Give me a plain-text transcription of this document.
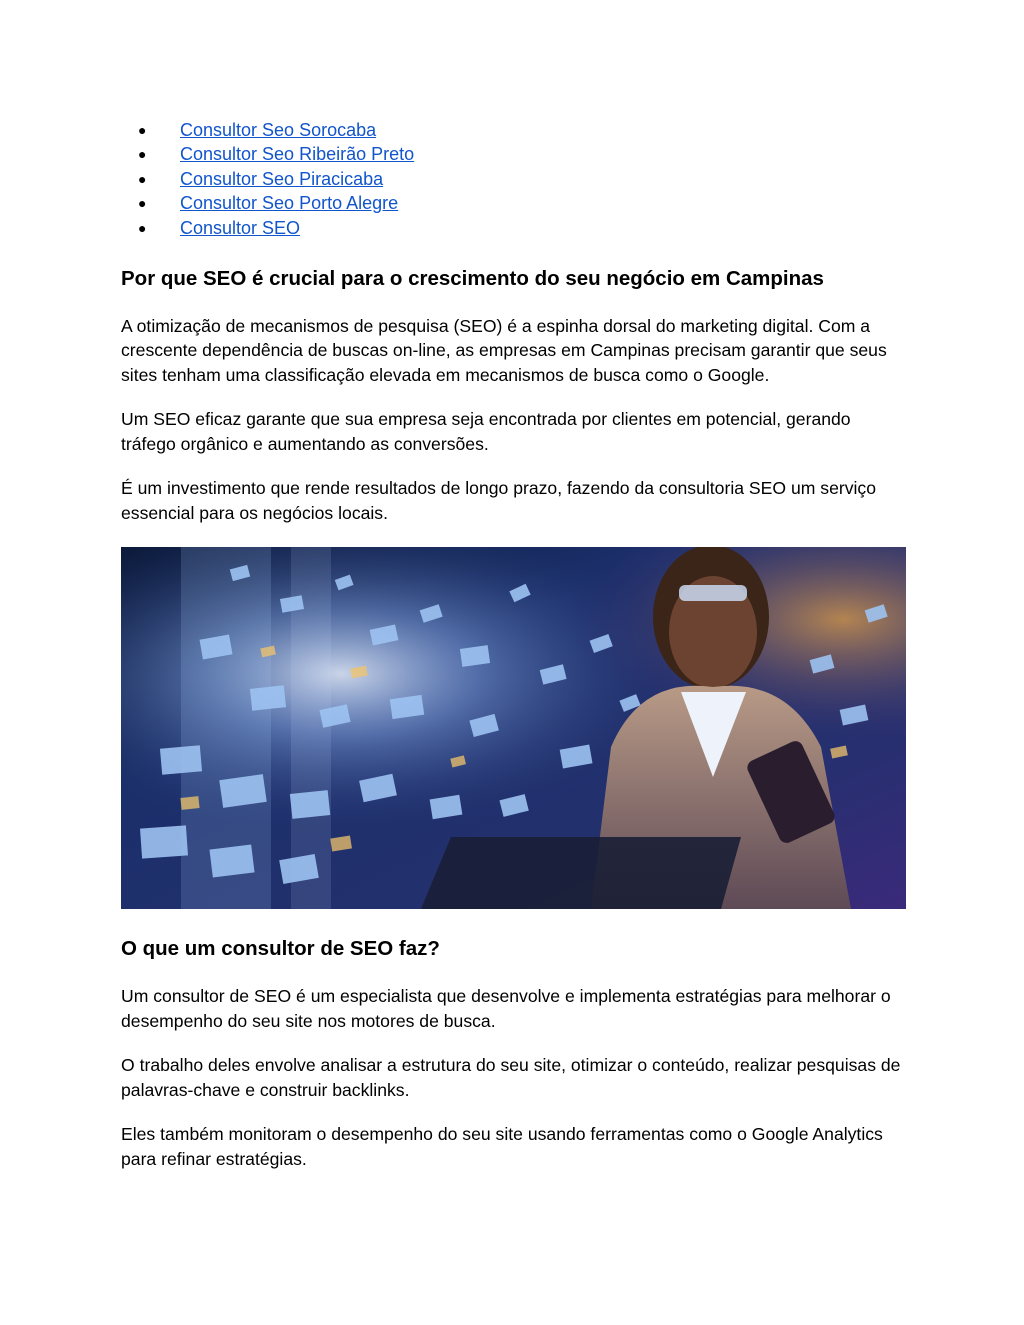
● Consultor Seo Sorocaba
● Consultor Seo Ribeirão Preto
● Consultor Seo Piracicaba
● Consultor Seo Porto Alegre
● Consultor SEO
Por que SEO é crucial para o crescimento do seu negócio em Campinas

A otimização de mecanismos de pesquisa (SEO) é a espinha dorsal do marketing digital. Com a crescente dependência de buscas on-line, as empresas em Campinas precisam garantir que seus sites tenham uma classificação elevada em mecanismos de busca como o Google.

Um SEO eficaz garante que sua empresa seja encontrada por clientes em potencial, gerando tráfego orgânico e aumentando as conversões.

É um investimento que rende resultados de longo prazo, fazendo da consultoria SEO um serviço essencial para os negócios locais.

O que um consultor de SEO faz?

Um consultor de SEO é um especialista que desenvolve e implementa estratégias para melhorar o desempenho do seu site nos motores de busca.

O trabalho deles envolve analisar a estrutura do seu site, otimizar o conteúdo, realizar pesquisas de palavras-chave e construir backlinks.

Eles também monitoram o desempenho do seu site usando ferramentas como o Google Analytics para refinar estratégias.
